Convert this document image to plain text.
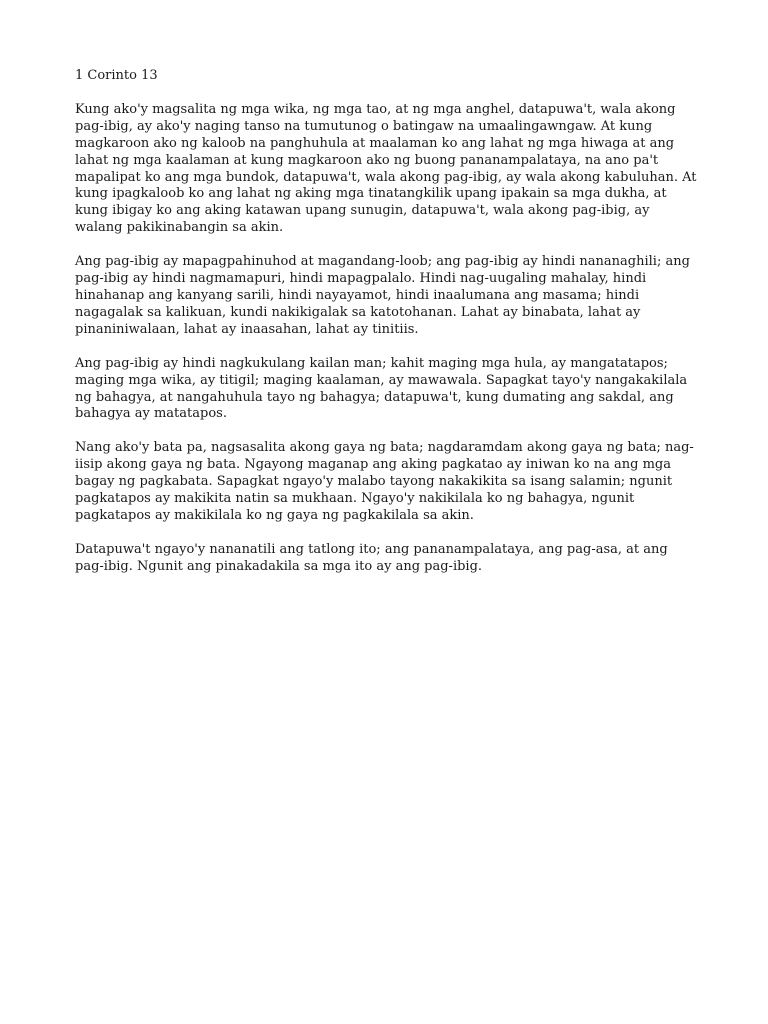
1 Corinto 13

Kung ako'y magsalita ng mga wika, ng mga tao, at ng mga anghel, datapuwa't, wala akong pag-ibig, ay ako'y naging tanso na tumutunog o batingaw na umaalingawngaw. At kung magkaroon ako ng kaloob na panghuhula at maalaman ko ang lahat ng mga hiwaga at ang lahat ng mga kaalaman at kung magkaroon ako ng buong pananampalataya, na ano pa't mapalipat ko ang mga bundok, datapuwa't, wala akong pag-ibig, ay wala akong kabuluhan. At kung ipagkaloob ko ang lahat ng aking mga tinatangkilik upang ipakain sa mga dukha, at kung ibigay ko ang aking katawan upang sunugin, datapuwa't, wala akong pag-ibig, ay walang pakikinabangin sa akin.

Ang pag-ibig ay mapagpahinuhod at magandang-loob; ang pag-ibig ay hindi nananaghili; ang pag-ibig ay hindi nagmamapuri, hindi mapagpalalo. Hindi nag-uugaling mahalay, hindi hinahanap ang kanyang sarili, hindi nayayamot, hindi inaalumana ang masama; hindi nagagalak sa kalikuan, kundi nakikigalak sa katotohanan. Lahat ay binabata, lahat ay pinaniniwalaan, lahat ay inaasahan, lahat ay tinitiis.

Ang pag-ibig ay hindi nagkukulang kailan man; kahit maging mga hula, ay mangatatapos; maging mga wika, ay titigil; maging kaalaman, ay mawawala. Sapagkat tayo'y nangakakilala ng bahagya, at nangahuhula tayo ng bahagya; datapuwa't, kung dumating ang sakdal, ang bahagya ay matatapos.

Nang ako'y bata pa, nagsasalita akong gaya ng bata; nagdaramdam akong gaya ng bata; nag-iisip akong gaya ng bata. Ngayong maganap ang aking pagkatao ay iniwan ko na ang mga bagay ng pagkabata. Sapagkat ngayo'y malabo tayong nakakikita sa isang salamin; ngunit pagkatapos ay makikita natin sa mukhaan. Ngayo'y nakikilala ko ng bahagya, ngunit pagkatapos ay makikilala ko ng gaya ng pagkakilala sa akin.

Datapuwa't ngayo'y nananatili ang tatlong ito; ang pananampalataya, ang pag-asa, at ang pag-ibig. Ngunit ang pinakadakila sa mga ito ay ang pag-ibig.
